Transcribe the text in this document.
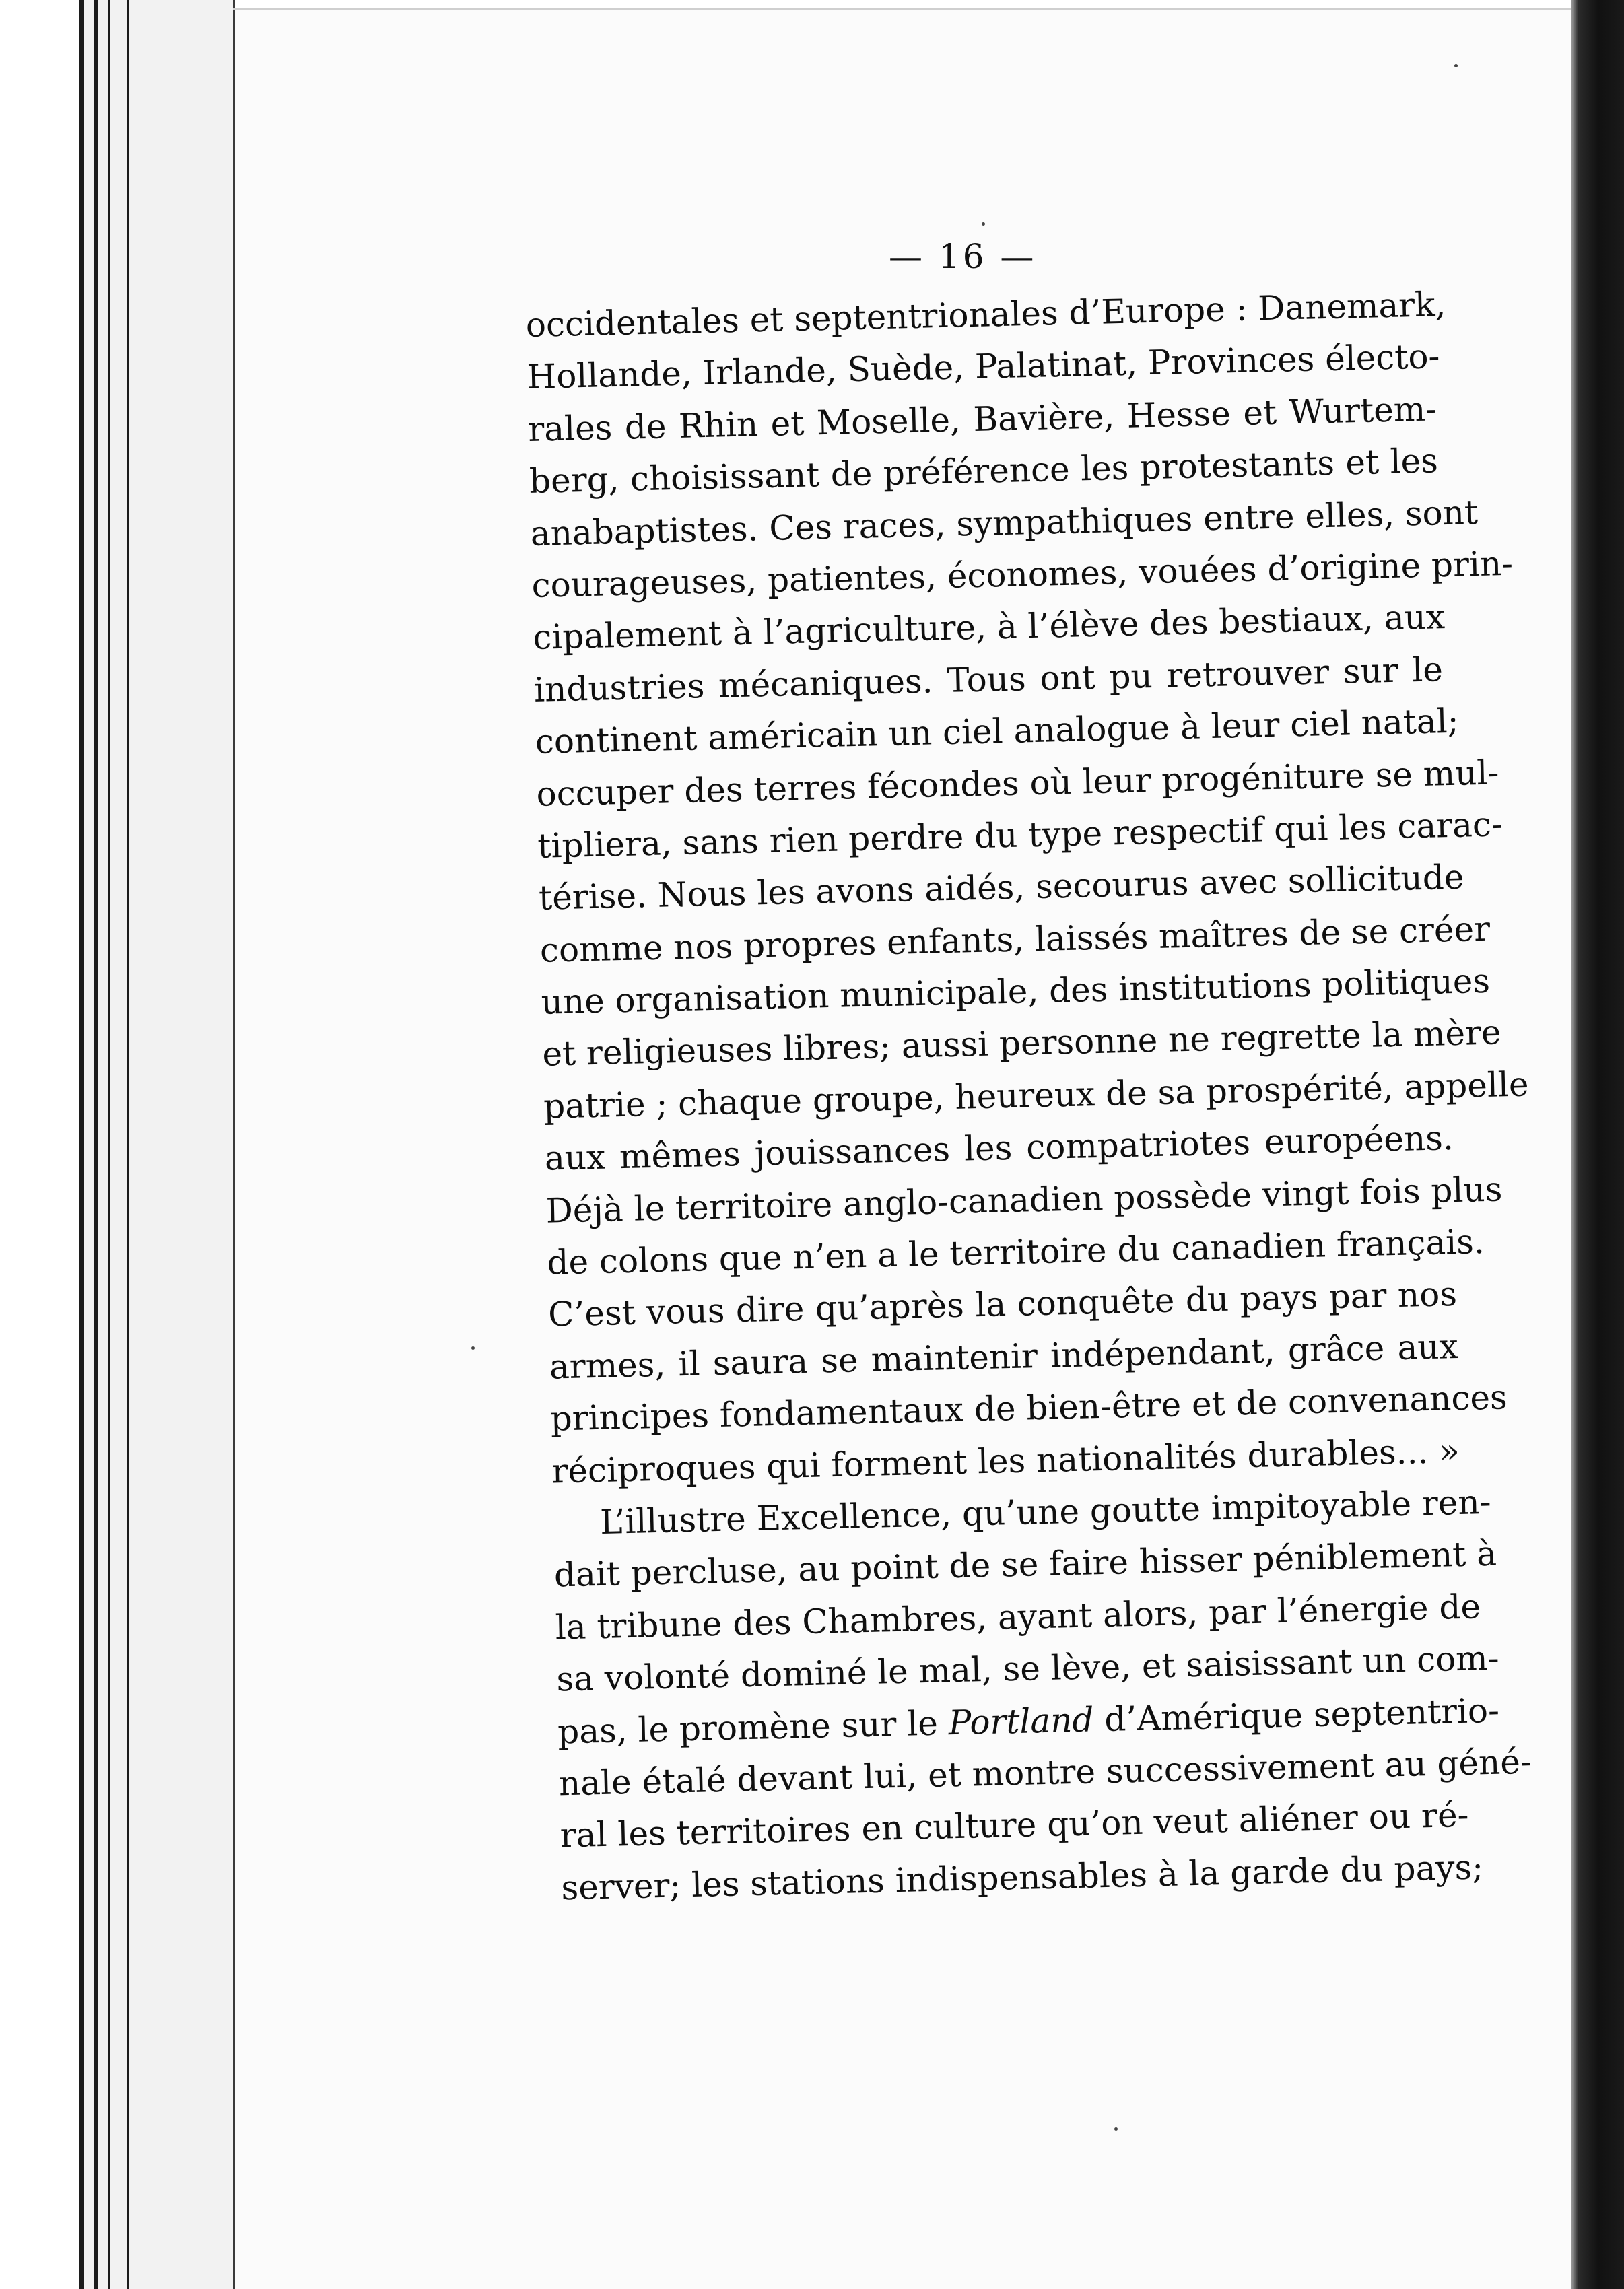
— 16 —
occidentales et septentrionales d’Europe : Danemark,
Hollande, Irlande, Suède, Palatinat, Provinces électo-
rales de Rhin et Moselle, Bavière, Hesse et Wurtem-
berg, choisissant de préférence les protestants et les
anabaptistes. Ces races, sympathiques entre elles, sont
courageuses, patientes, économes, vouées d’origine prin-
cipalement à l’agriculture, à l’élève des bestiaux, aux
industries mécaniques. Tous ont pu retrouver sur le
continent américain un ciel analogue à leur ciel natal;
occuper des terres fécondes où leur progéniture se mul-
tipliera, sans rien perdre du type respectif qui les carac-
térise. Nous les avons aidés, secourus avec sollicitude
comme nos propres enfants, laissés maîtres de se créer
une organisation municipale, des institutions politiques
et religieuses libres; aussi personne ne regrette la mère
patrie ; chaque groupe, heureux de sa prospérité, appelle
aux mêmes jouissances les compatriotes européens.
Déjà le territoire anglo-canadien possède vingt fois plus
de colons que n’en a le territoire du canadien français.
C’est vous dire qu’après la conquête du pays par nos
armes, il saura se maintenir indépendant, grâce aux
principes fondamentaux de bien-être et de convenances
réciproques qui forment les nationalités durables... »
L’illustre Excellence, qu’une goutte impitoyable ren-
dait percluse, au point de se faire hisser péniblement à
la tribune des Chambres, ayant alors, par l’énergie de
sa volonté dominé le mal, se lève, et saisissant un com-
pas, le promène sur le Portland d’Amérique septentrio-
nale étalé devant lui, et montre successivement au géné-
ral les territoires en culture qu’on veut aliéner ou ré-
server; les stations indispensables à la garde du pays;
